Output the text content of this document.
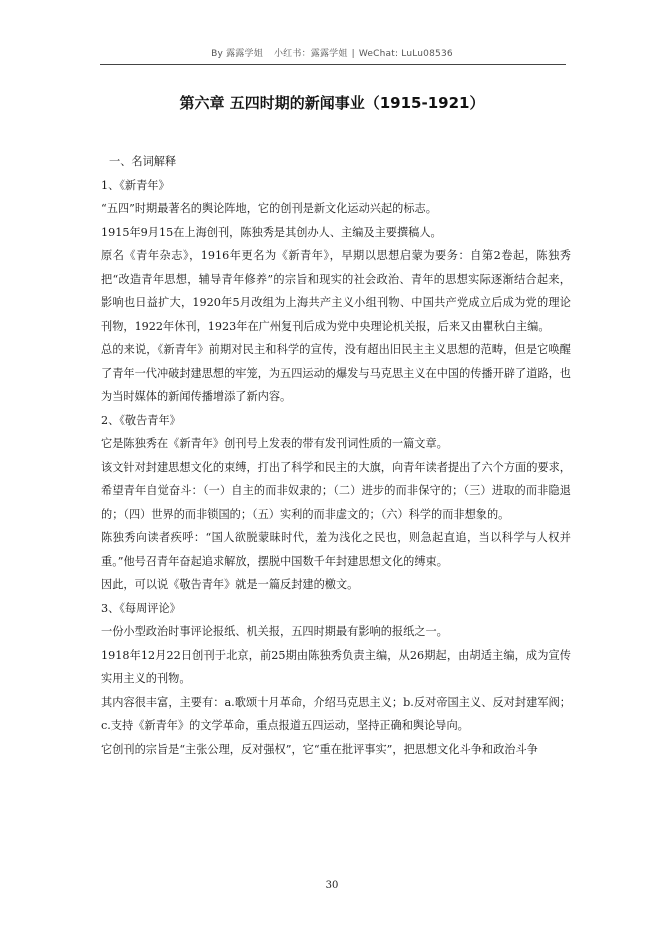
By 露露学姐 小红书：露露学姐 | WeChat: LuLu08536
第六章 五四时期的新闻事业（1915-1921）

一、名词解释

1、《新青年》

“五四”时期最著名的舆论阵地，它的创刊是新文化运动兴起的标志。

1915年9月15在上海创刊，陈独秀是其创办人、主编及主要撰稿人。

原名《青年杂志》，1916年更名为《新青年》，早期以思想启蒙为要务：自第2卷起，陈独秀把“改造青年思想，辅导青年修养”的宗旨和现实的社会政治、青年的思想实际逐渐结合起来，影响也日益扩大，1920年5月改组为上海共产主义小组刊物、中国共产党成立后成为党的理论刊物，1922年休刊，1923年在广州复刊后成为党中央理论机关报，后来又由瞿秋白主编。

总的来说，《新青年》前期对民主和科学的宣传，没有超出旧民主主义思想的范畴，但是它唤醒了青年一代冲破封建思想的牢笼，为五四运动的爆发与马克思主义在中国的传播开辟了道路，也为当时媒体的新闻传播增添了新内容。

2、《敬告青年》

它是陈独秀在《新青年》创刊号上发表的带有发刊词性质的一篇文章。

该文针对封建思想文化的束缚，打出了科学和民主的大旗，向青年读者提出了六个方面的要求，希望青年自觉奋斗：（一）自主的而非奴隶的；（二）进步的而非保守的；（三）进取的而非隐退的；（四）世界的而非锁国的；（五）实利的而非虚文的；（六）科学的而非想象的。

陈独秀向读者疾呼：“国人欲脱蒙昧时代，羞为浅化之民也，则急起直追，当以科学与人权并重。”他号召青年奋起追求解放，摆脱中国数千年封建思想文化的缚束。

因此，可以说《敬告青年》就是一篇反封建的檄文。

3、《每周评论》

一份小型政治时事评论报纸、机关报，五四时期最有影响的报纸之一。

1918年12月22日创刊于北京，前25期由陈独秀负责主编，从26期起，由胡适主编，成为宣传实用主义的刊物。

其内容很丰富，主要有：a.歌颂十月革命，介绍马克思主义；b.反对帝国主义、反对封建军阀；c.支持《新青年》的文学革命，重点报道五四运动，坚持正确和舆论导向。

它创刊的宗旨是“主张公理，反对强权”，它“重在批评事实”，把思想文化斗争和政治斗争

30
